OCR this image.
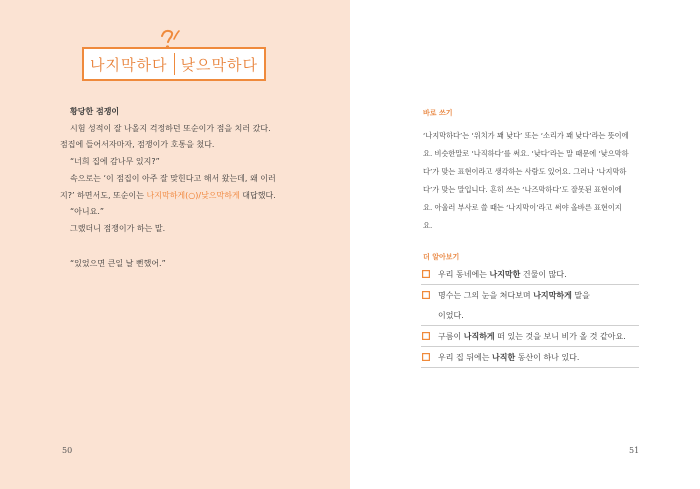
나지막하다 낮으막하다

황당한 점쟁이

시험 성적이 잘 나올지 걱정하던 또순이가 점을 치러 갔다.

점집에 들어서자마자, 점쟁이가 호통을 쳤다.

“너희 집에 감나무 있지?”

속으로는 ‘이 점집이 아주 잘 맞힌다고 해서 왔는데, 왜 이러

지?’ 하면서도, 또순이는 나지막하게(○)/낮으막하게 대답했다.

“아니요.”

그랬더니 점쟁이가 하는 말.

“있었으면 큰일 날 뻔했어.”

50
바로 쓰기

‘나지막하다’는 ‘위치가 꽤 낮다’ 또는 ‘소리가 꽤 낮다’라는 뜻이에

요. 비슷한말로 ‘나직하다’를 써요. ‘낮다’라는 말 때문에 ‘낮으막하

다’가 맞는 표현이라고 생각하는 사람도 있어요. 그러나 ‘나지막하

다’가 맞는 말입니다. 흔히 쓰는 ‘나즈막하다’도 잘못된 표현이에

요. 아울러 부사로 쓸 때는 ‘나지막이’라고 써야 올바른 표현이지

요.

더 알아보기
우리 동네에는 나지막한 건물이 많다.
명수는 그의 눈을 쳐다보며 나지막하게 말을
이었다.
구름이 나직하게 떠 있는 것을 보니 비가 올 것 같아요.
우리 집 뒤에는 나직한 동산이 하나 있다.
51
